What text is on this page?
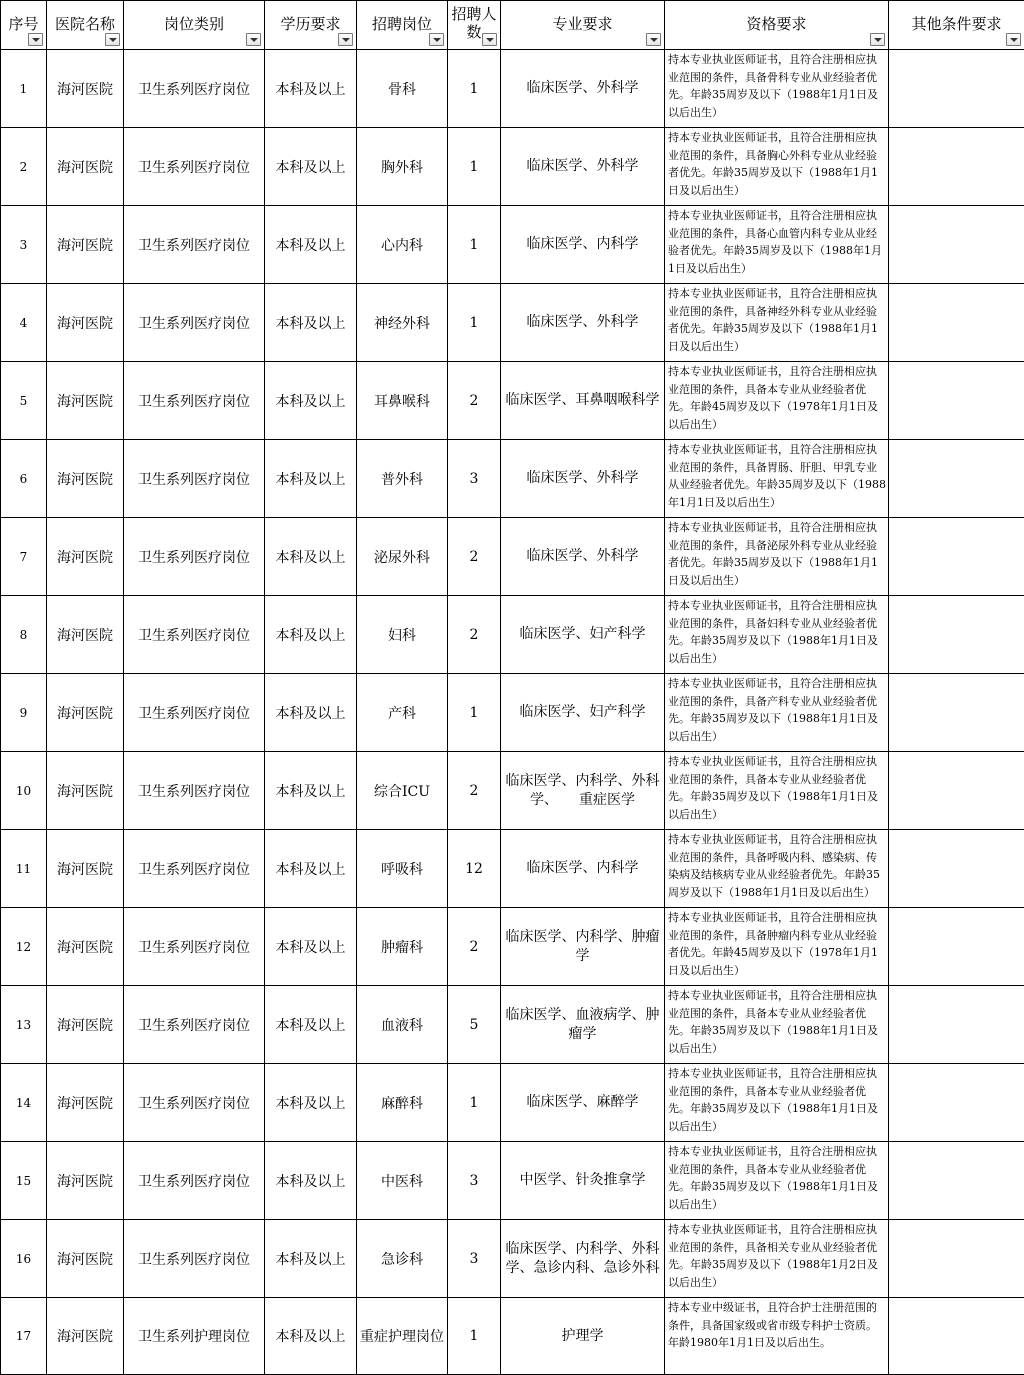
序号	医院名称	岗位类别	学历要求	招聘岗位	招聘人数	专业要求	资格要求	其他条件要求

1	海河医院	卫生系列医疗岗位	本科及以上	骨科	1	临床医学、外科学	持本专业执业医师证书，且符合注册相应执业范围的条件，具备骨科专业从业经验者优先。年龄35周岁及以下（1988年1月1日及以后出生）	

2	海河医院	卫生系列医疗岗位	本科及以上	胸外科	1	临床医学、外科学	持本专业执业医师证书，且符合注册相应执业范围的条件，具备胸心外科专业从业经验者优先。年龄35周岁及以下（1988年1月1日及以后出生）	

3	海河医院	卫生系列医疗岗位	本科及以上	心内科	1	临床医学、内科学	持本专业执业医师证书，且符合注册相应执业范围的条件，具备心血管内科专业从业经验者优先。年龄35周岁及以下（1988年1月1日及以后出生）	

4	海河医院	卫生系列医疗岗位	本科及以上	神经外科	1	临床医学、外科学	持本专业执业医师证书，且符合注册相应执业范围的条件，具备神经外科专业从业经验者优先。年龄35周岁及以下（1988年1月1日及以后出生）	

5	海河医院	卫生系列医疗岗位	本科及以上	耳鼻喉科	2	临床医学、耳鼻咽喉科学	持本专业执业医师证书，且符合注册相应执业范围的条件，具备本专业从业经验者优先。年龄45周岁及以下（1978年1月1日及以后出生）	

6	海河医院	卫生系列医疗岗位	本科及以上	普外科	3	临床医学、外科学	持本专业执业医师证书，且符合注册相应执业范围的条件，具备胃肠、肝胆、甲乳专业从业经验者优先。年龄35周岁及以下（1988年1月1日及以后出生）	

7	海河医院	卫生系列医疗岗位	本科及以上	泌尿外科	2	临床医学、外科学	持本专业执业医师证书，且符合注册相应执业范围的条件，具备泌尿外科专业从业经验者优先。年龄35周岁及以下（1988年1月1日及以后出生）	

8	海河医院	卫生系列医疗岗位	本科及以上	妇科	2	临床医学、妇产科学	持本专业执业医师证书，且符合注册相应执业范围的条件，具备妇科专业从业经验者优先。年龄35周岁及以下（1988年1月1日及以后出生）	

9	海河医院	卫生系列医疗岗位	本科及以上	产科	1	临床医学、妇产科学	持本专业执业医师证书，且符合注册相应执业范围的条件，具备产科专业从业经验者优先。年龄35周岁及以下（1988年1月1日及以后出生）	

10	海河医院	卫生系列医疗岗位	本科及以上	综合ICU	2	临床医学、内科学、外科学、　　重症医学	持本专业执业医师证书，且符合注册相应执业范围的条件，具备本专业从业经验者优先。年龄35周岁及以下（1988年1月1日及以后出生）	

11	海河医院	卫生系列医疗岗位	本科及以上	呼吸科	12	临床医学、内科学	持本专业执业医师证书，且符合注册相应执业范围的条件，具备呼吸内科、感染病、传染病及结核病专业从业经验者优先。年龄35周岁及以下（1988年1月1日及以后出生）	

12	海河医院	卫生系列医疗岗位	本科及以上	肿瘤科	2	临床医学、内科学、肿瘤学	持本专业执业医师证书，且符合注册相应执业范围的条件，具备肿瘤内科专业从业经验者优先。年龄45周岁及以下（1978年1月1日及以后出生）	

13	海河医院	卫生系列医疗岗位	本科及以上	血液科	5	临床医学、血液病学、肿瘤学	持本专业执业医师证书，且符合注册相应执业范围的条件，具备本专业从业经验者优先。年龄35周岁及以下（1988年1月1日及以后出生）	

14	海河医院	卫生系列医疗岗位	本科及以上	麻醉科	1	临床医学、麻醉学	持本专业执业医师证书，且符合注册相应执业范围的条件，具备本专业从业经验者优先。年龄35周岁及以下（1988年1月1日及以后出生）	

15	海河医院	卫生系列医疗岗位	本科及以上	中医科	3	中医学、针灸推拿学	持本专业执业医师证书，且符合注册相应执业范围的条件，具备本专业从业经验者优先。年龄35周岁及以下（1988年1月1日及以后出生）	

16	海河医院	卫生系列医疗岗位	本科及以上	急诊科	3	临床医学、内科学、外科学、急诊内科、急诊外科	持本专业执业医师证书，且符合注册相应执业范围的条件，具备相关专业从业经验者优先。年龄35周岁及以下（1988年1月2日及以后出生）	

17	海河医院	卫生系列护理岗位	本科及以上	重症护理岗位	1	护理学	持本专业中级证书，且符合护士注册范围的条件，具备国家级或省市级专科护士资质。年龄1980年1月1日及以后出生。	
